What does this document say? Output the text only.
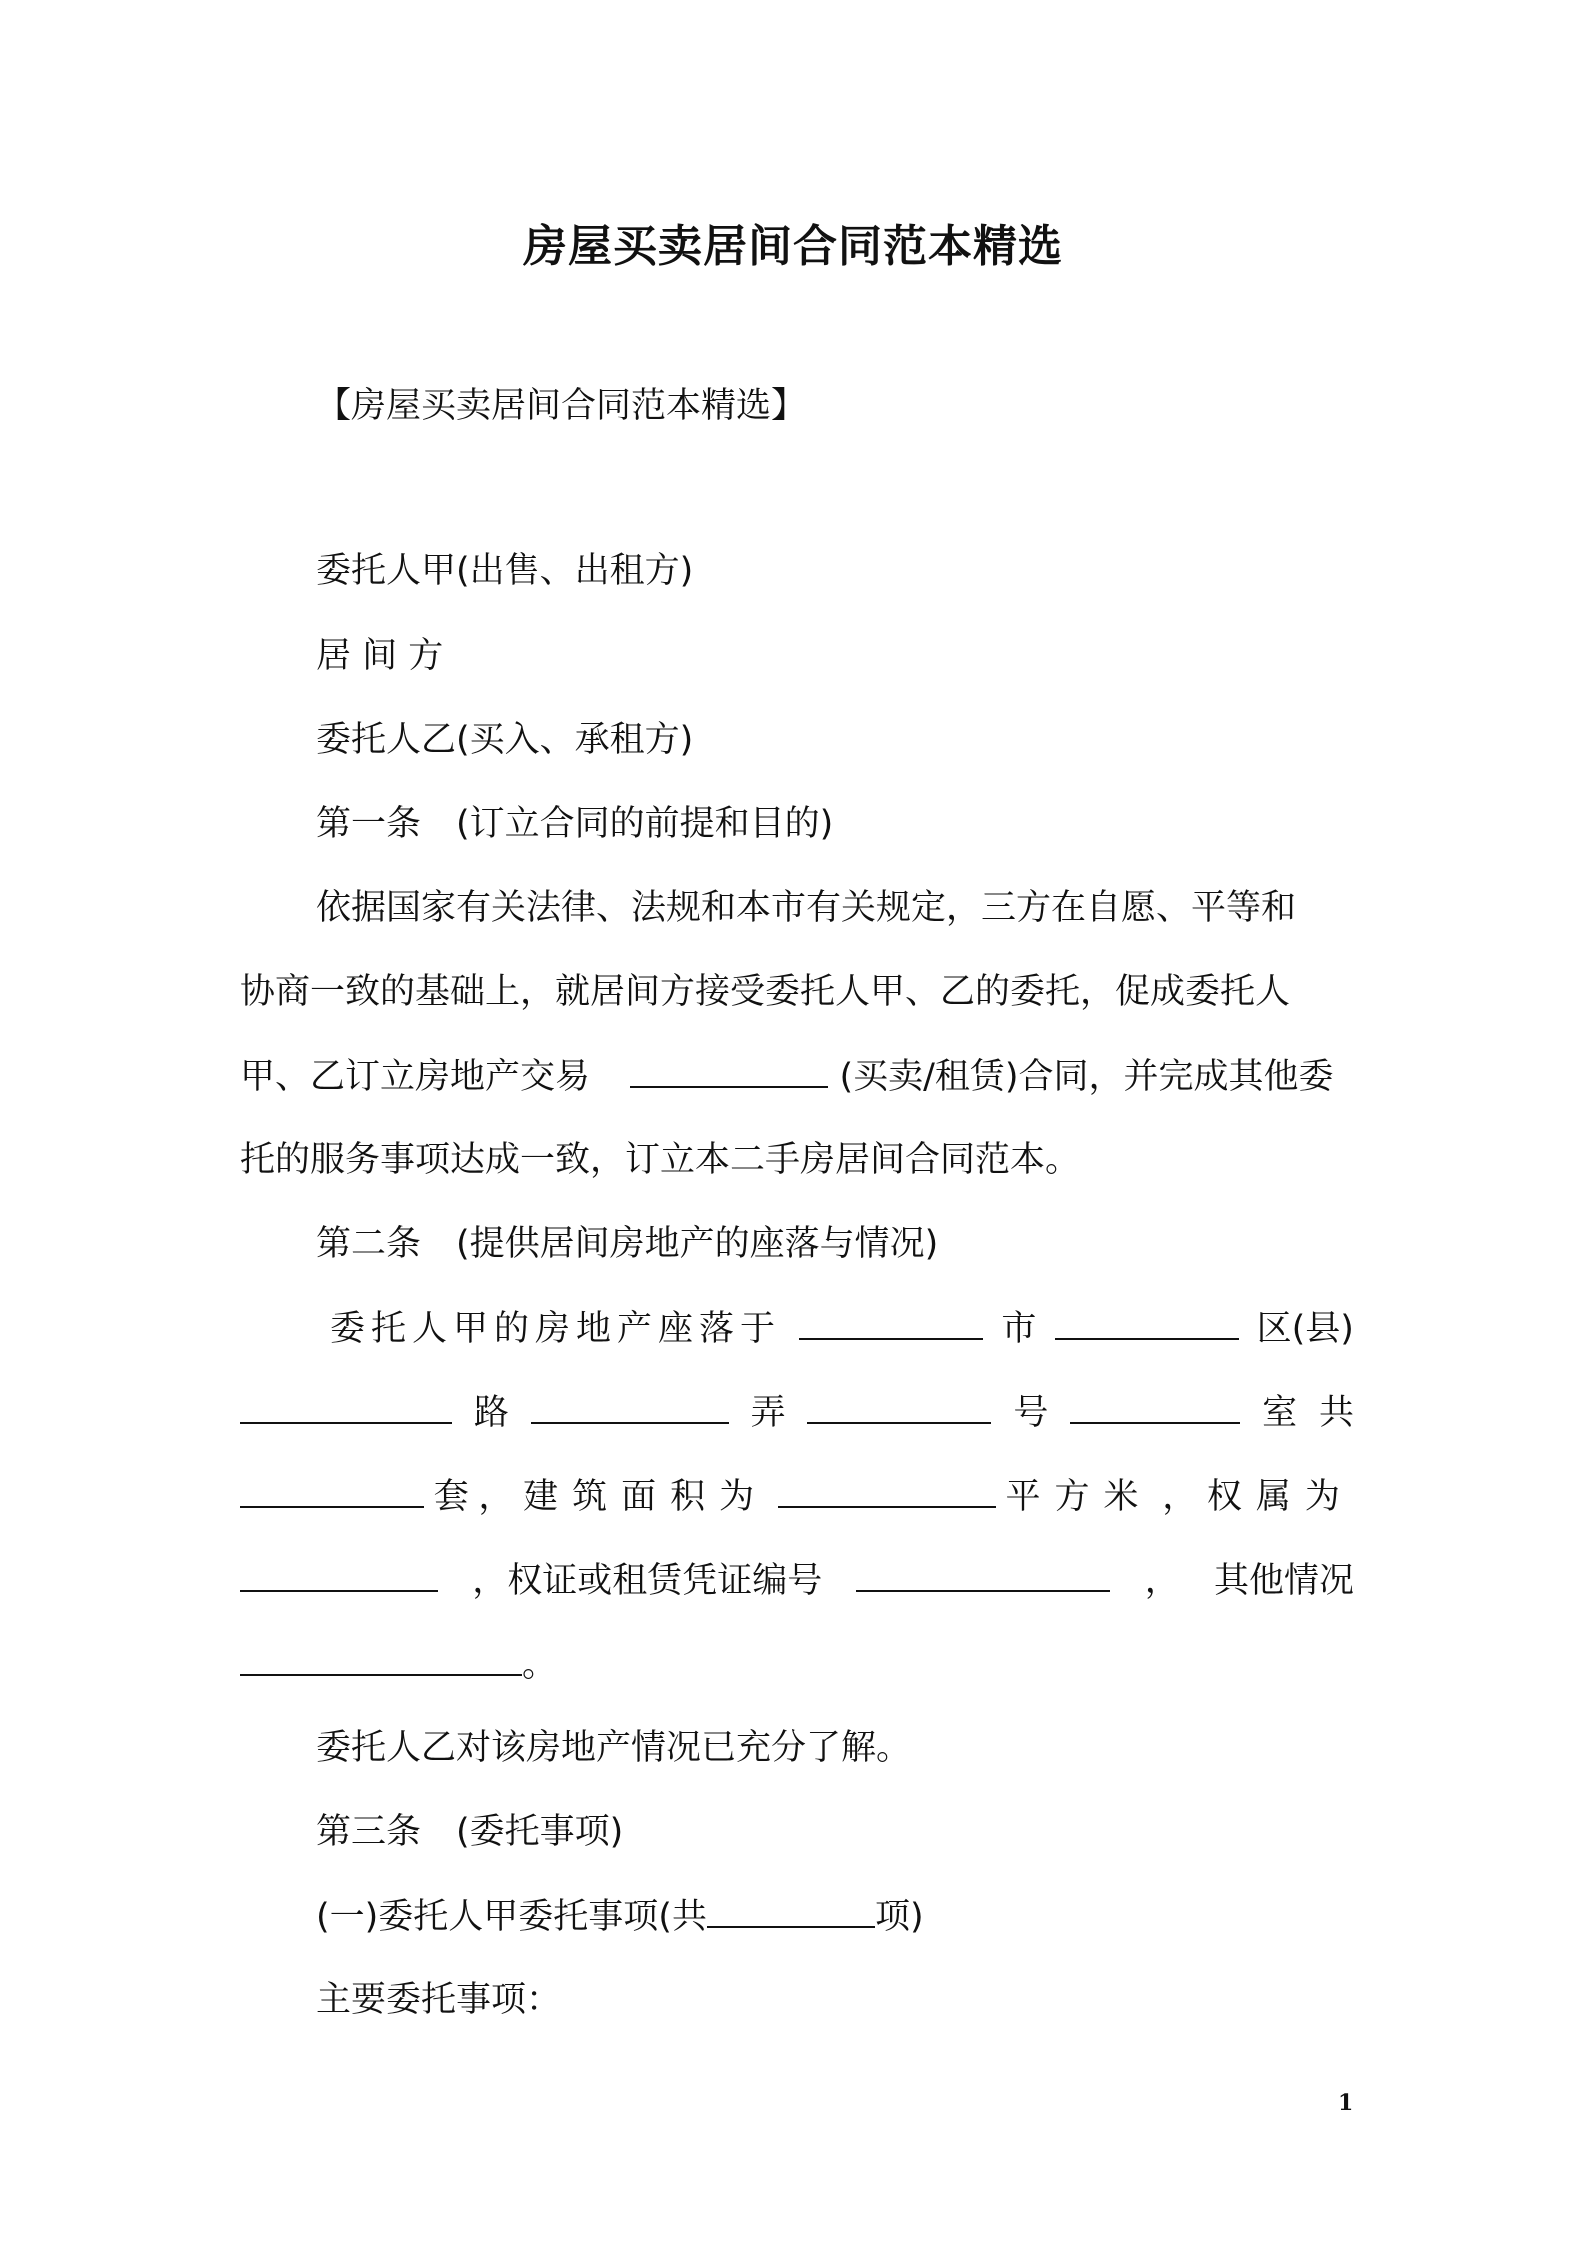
房屋买卖居间合同范本精选
【房屋买卖居间合同范本精选】
委托人甲(出售、出租方)
居 间 方
委托人乙(买入、承租方)
第一条　(订立合同的前提和目的)
依据国家有关法律、法规和本市有关规定，三方在自愿、平等和
协商一致的基础上，就居间方接受委托人甲、乙的委托，促成委托人
甲、乙订立房地产交易	(买卖/租赁)合同，并完成其他委
托的服务事项达成一致，订立本二手房居间合同范本。
第二条　(提供居间房地产的座落与情况)
委托人甲的房地产座落于	市	区(县)
路	弄	号	室 共
套 ， 建筑面积为	平方米 ， 权属为
，权证或租赁凭证编号	， 其他情况
。
委托人乙对该房地产情况已充分了解。
第三条　(委托事项)
(一)委托人甲委托事项(共	项)
主要委托事项：
1
